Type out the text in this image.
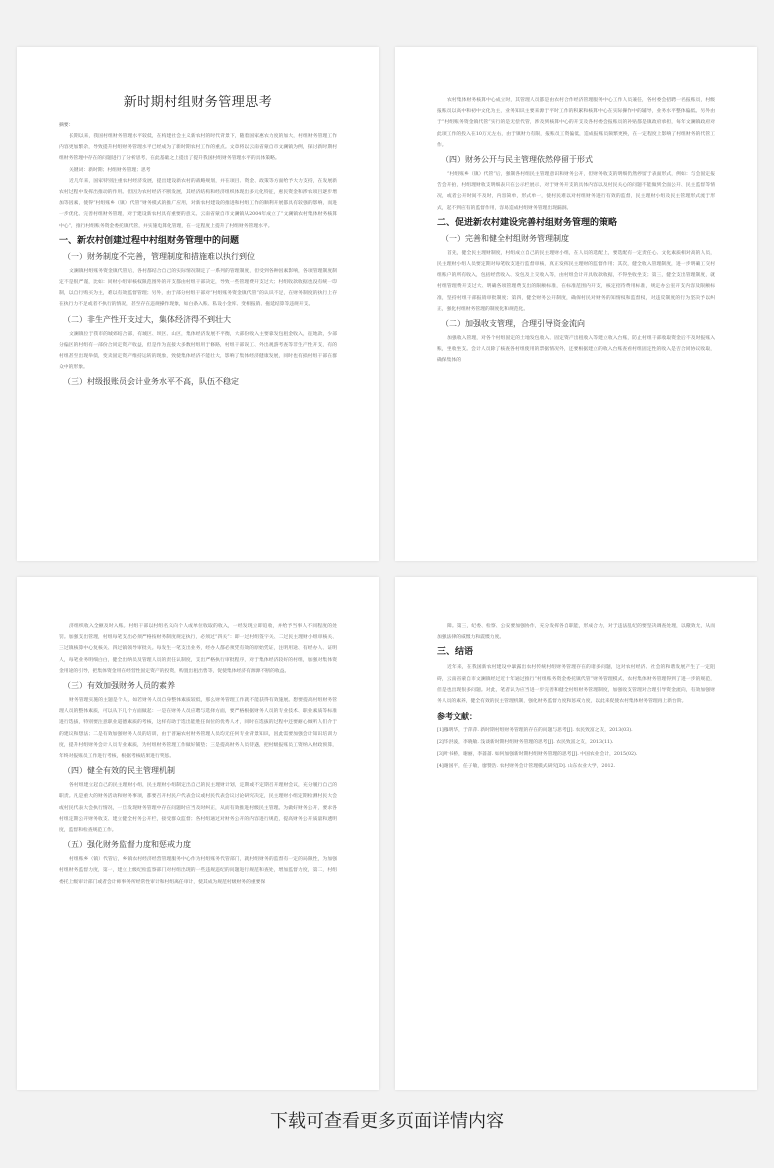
新时期村组财务管理思考

摘要：

长期以来，我国村组财务管理水平较低，在构建社会主义新农村的时代背景下，随着国家惠农力度的加大，村组财务管理工作内容更加繁杂，导致提升村组财务管理水平已经成为了新时期农村工作的重点。文章将以云南省蒙自市文澜镇为例，探讨新时期村组财务管理中存在的问题进行了分析思考，在此基础之上提出了提升我国村组财务管理水平的具体策略。

关键词：新时期；村组财务管理；思考

近几年来，国家特别注重农村经济发展，提出建设新农村的战略规划，并在项目、资金、政策等方面给予大力支持，在发展新农村过程中发挥出推动的作用。但因为农村经济不断发展，其经济结构和经济组织体现出多元化特征，惠民资金和涉农项目逐步增加等因素，使得“村组账乡（镇）代管”财务模式的推广应用，对新农村建设的推进和村组工作的顺利开展都具有较强的影响，而进一步优化、完善村组财务管理，对于建设新农村具有重要的意义。云南省蒙自市文澜镇从2004年成立了“文澜镇农村集体财务核算中心”，推行村组账务资金委托镇代管，并实施电算化管理，在一定程度上提升了村组财务管理水平。

一、新农村创建过程中村组财务管理中的问题
（一）财务制度不完善，管理制度和措施难以执行到位

文澜镇村组账务资金镇代管后，各村都结合自己的实际情况制定了一系列的管理制度，但受到各种因素影响，各项管理制度制定不是很严谨，比如：同财小组审核权限范围外的开支都由村组干部决定，导致一些管理费开支过大；村组收款收据也没有统一印制，以自行购买为主，难以有效监督管理；另外，由于部分村组干部对“村组账务资金镇代管”的认识不足，在财务制度的执行上存在执行力不足或者不执行的情况，甚至存在违规操作现象，如白条入账、私设小金库、变相报销、拖延结算等违规开支。

（二）非生产性开支过大，集体经济得不到壮大

文澜镇位于我市的城郊结合部，有城区、坝区、山区，集体经济发展不平衡，大部份收入主要靠发包租金收入，征地款，少部分偏区的村组有一部份合同定资产收益，但是作为直接大多数村组用于修路，村组干部误工、外出观游考查等非生产性开支，有的村组甚至出现举债，变卖固定资产维持运转的现象，致使集体经济不能壮大，影响了集体经济健康发展，同时也有损村组干部在群众中的形象。

（三）村级报账员会计业务水平不高，队伍不稳定

农村集体财务核算中心成立时，其管理人员都是由农村合作经济管理服务中心工作人员兼任，各村委会招聘一名报账员，村级报账员以高中和初中文化为主，业务知识主要来源于平时工作的积累和核算中心在实际操作中的辅导，业务水平整体偏低。另外由于“村组账务资金镇代管”实行的是无偿代管，涉及到核算中心的开支及各村委会报账员的补贴都是镇政府承担，每年文澜镇政府对此项工作的投入在10万元左右，由于镇财力有限，报账员工资偏低，造成报账员频繁更换，在一定程度上影响了村组财务的代管工作。

（四）财务公开与民主管理依然停留于形式

“村组账乡（镇）代管”后，强制各村组民主管理意识和财务公开，但财务收支的明细仍然停留于表面形式，例如：与会固定报告会开拍，村组理财收支明细表只在公示栏展示，对于财务开支的具体内容以及村民关心的问题不能做到全面公开、民主监督等情况，或者公开时间不及时，内容简单，形式单一，使村民难以对村组财务进行有效的监督，民主理财小组及民主管理形式流于形式，起不到应有的监督作用，容易造成村组财务管理出现漏洞。

二、促进新农村建设完善村组财务管理的策略
（一）完善和健全村组财务管理制度

首先，健全民主理财制度，村组成立自己的民主理财小组，在人员的选配上，要选配有一定责任心、文化素质相对高的人员，民主理财小组人员要定期对每笔收支进行监督审核，真正发挥民主理财的监督作用；其次，健全收入管理制度，进一步明确工交村组账户的所有收入，包括经营收入、发包及上交收入等，由村组会计开具收款收据，不得坐收坐支；第三，健全支出管理制度，就村组管理费开支过大、明确各项管理费支出的限额标准，在标准范围内开支，核定招待费用标准，规定办公室开支内容及限额标准，坚持村组干部报销审批制度；第四，健全财务公开制度，确保村民对财务的知情权和监督权，对违反制度的行为坚决予以纠正，强化村组财务管理的制度化和规范化。

（二）加强收支管理，合理引导资金流向

加强收入管理，对各个村组固定的土地发包收入、固定资产出租收入等建立收入台账，防止村组干部收取资金后不及时报账入账，坐收坐支。会计人员除了核查各村组使用的票据情况外，还要根据建立的收入台账查看村组固定性的收入是否合同协议收取，确保集体的

济组织收入全额及时入账。村组干部以村组名义向个人或单位收取的收入，一经发现立即追收，并给予当事人不同程度的处罚。加强支出管理，村组每笔支出必须严格按财务制度规定执行，必须过“四关”：即一过村组签字关、二过民主理财小组审核关、三过镇核算中心复核关、四过镇领导审批关。每发生一笔支出业务，经办人都必须凭有效的原始凭证，注明用途、有经办人、证明人，每笔业务明细白白，健全出纳员及管理人员的责任认制度，支出严格执行审批程序，对于集体经济较好的村组，加强对集体资金用途的引导，把集体资金用在经营性固定资产的投资，购置出租出售等，促使集体经济有源源不断的收益。

（三）有效加强财务人员的素养

财务管理实施的主题是个人，如若财务人员自身整体素质较低，那么财务管理工作就不能获得有效施展。想要提高村组财务管理人员的整体素质，可以从下几个方面做起：一是在财务人员应聘与选择方面，要严格根据财务人员的专业技术、职业素质等标准进行选拔，特别要注意职业道德素质的考核，这样有助于选出能胜任岗位的优秀人才，同时在选拔的过程中还要耐心倾听人们介于的建议和想法；二是有效加强财务人员的培训，由于普遍农村财务管理人员均无任何专业背景知识，因此需要加强会计知识培训力度，提升村组财务会计人员专业素质，为村组财务管理工作做好铺垫；三是提高财务人员待遇，把村级报账员工资纳入财政预算，年终对报账员工作进行考核，根据考核结果进行奖惩。

（四）健全有效的民主管理机制

各村组建立起自己的民主理财小组，民主理财小组制定出自己的民主理财计划，定期或不定期召开理财会议，充分履行自己的职责。凡是重大的财务活动和财务事项，都要召开村民户代表会议或村民代表会议讨论研究决定，民主理财小组定期检测村民大会或村民代表大会执行情况，一旦发现财务管理中存在问题时应当及时纠正，从而有效推进村级民主管理。为做好财务公开，要求各村组定期公开财务收支、建立健全村务公开栏，接受群众监督；各村组通过对财务公开的内容进行规范，提高财务公开质量和透明度，监督和检查规范工作。

（五）强化财务监督力度和惩戒力度

村组账乡（镇）代管后，乡镇农村经济经营管理服务中心作为村组账务代管部门，就村组财务的监督有一定的局限性，为加强村组财务监督力度，第一，建立上级纪检监察部门对村组出现的一些违规违纪的问题进行规范和查处，增加监督力度，第二，村组委托上级审计部门或者会计师事务所经常性审计和村组离任审计，使其成为规范村级财务的重要保

障。第三，纪委、检察、公安要加强协作，充分发挥各自职能，形成合力，对于违法乱纪的要坚决调查处理，以儆效尤，从而加强法律的威慑力和震慑力度。

三、结语

近年来，在我国新农村建设中暴露出农村传统村组财务管理存在的诸多问题，这对农村经济、社会的和谐发展产生了一定阻碍，云南省蒙自市文澜镇经过近十年通过推行“村组账务资金委托镇代管”财务管理模式，农村集体财务管理得到了进一步的规范，但是也出现很多问题。对此，笔者认为应当进一步完善和健全村组财务管理制度，加强收支管理对合理引导资金流向，有效加强财务人员的素养，健全有效的民主管理机制，强化财务监督力度和惩戒力度，以此来促使农村集体财务管理再上新台阶。

参考文献：

[1]穆明华，于萍萍. 新时期村组财务管理的存在的问题与思考[J]. 农民致富之友，2013(03).

[2]毕洪波，李晓敏. 浅谈新时期村组财务管理的思考[J]. 农民致富之友，2013(11).

[3]叶书桥，谢丽，李蔷蔷. 如何加强新时期村组财务管理的思考[J]. 中国农业会计，2015(02).

[4]谢国平，任子敏，廖赞浩. 农村财务会计管理模式研究[D]. 山东农业大学，2012.

下载可查看更多页面详情内容
